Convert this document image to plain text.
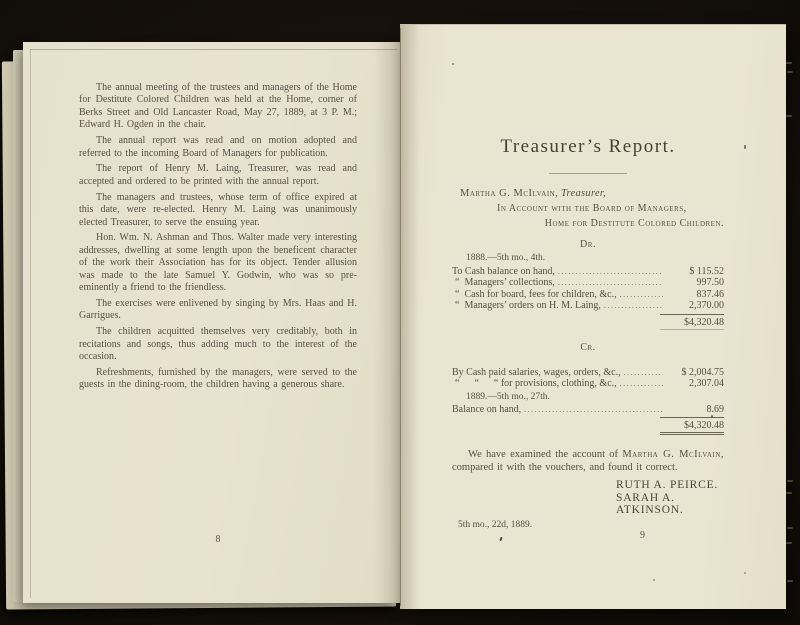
The annual meeting of the trustees and managers of the Home for Destitute Colored Children was held at the Home, corner of Berks Street and Old Lancaster Road, May 27, 1889, at 3 P. M.; Edward H. Ogden in the chair.

The annual report was read and on motion adopted and referred to the incoming Board of Managers for publication.

The report of Henry M. Laing, Treasurer, was read and accepted and ordered to be printed with the annual report.

The managers and trustees, whose term of office expired at this date, were re-elected. Henry M. Laing was unanimously elected Treasurer, to serve the ensuing year.

Hon. Wm. N. Ashman and Thos. Walter made very interesting addresses, dwelling at some length upon the beneficent character of the work their Association has for its object. Tender allusion was made to the late Samuel Y. Godwin, who was so pre-eminently a friend to the friendless.

The exercises were enlivened by singing by Mrs. Haas and H. Garrigues.

The children acquitted themselves very creditably, both in recitations and songs, thus adding much to the interest of the occasion.

Refreshments, furnished by the managers, were served to the guests in the dining-room, the children having a generous share.

8
Treasurer’s Report.
Martha G. McIlvain, Treasurer,
In Account with the Board of Managers,
Home for Destitute Colored Children.
Dr.
1888.—5th mo., 4th.
To Cash balance on hand, .....	$ 115.52
“ Managers’ collections, .....	997.50
“ Cash for board, fees for children, &c., .....	837.46
“ Managers’ orders on H. M. Laing, .....	2,370.00
$4,320.48
Cr.
By Cash paid salaries, wages, orders, &c., .....	$ 2,004.75
“   “   “ for provisions, clothing, &c., .....	2,307.04
1889.—5th mo., 27th.
Balance on hand, .....	8.69
$4,320.48

We have examined the account of Martha G. McIlvain, compared it with the vouchers, and found it correct.

RUTH A. PEIRCE.
SARAH A. ATKINSON.
5th mo., 22d, 1889.
9
